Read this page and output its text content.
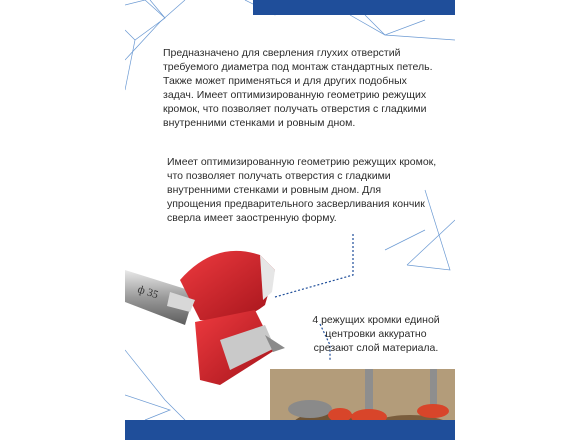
Предназначено для сверления глухих отверстий требуемого диаметра под монтаж стандартных петель. Также может применяться и для других подобных задач. Имеет оптимизированную геометрию режущих кромок, что позволяет получать отверстия с гладкими внутренними стенками и ровным дном.

Имеет оптимизированную геометрию режущих кромок, что позволяет получать отверстия с гладкими внутренними стенками и ровным дном. Для упрощения предварительного засверливания кончик сверла имеет заостренную форму.

4 режущих кромки единой центровки аккуратно срезают слой материала.

ф 35
